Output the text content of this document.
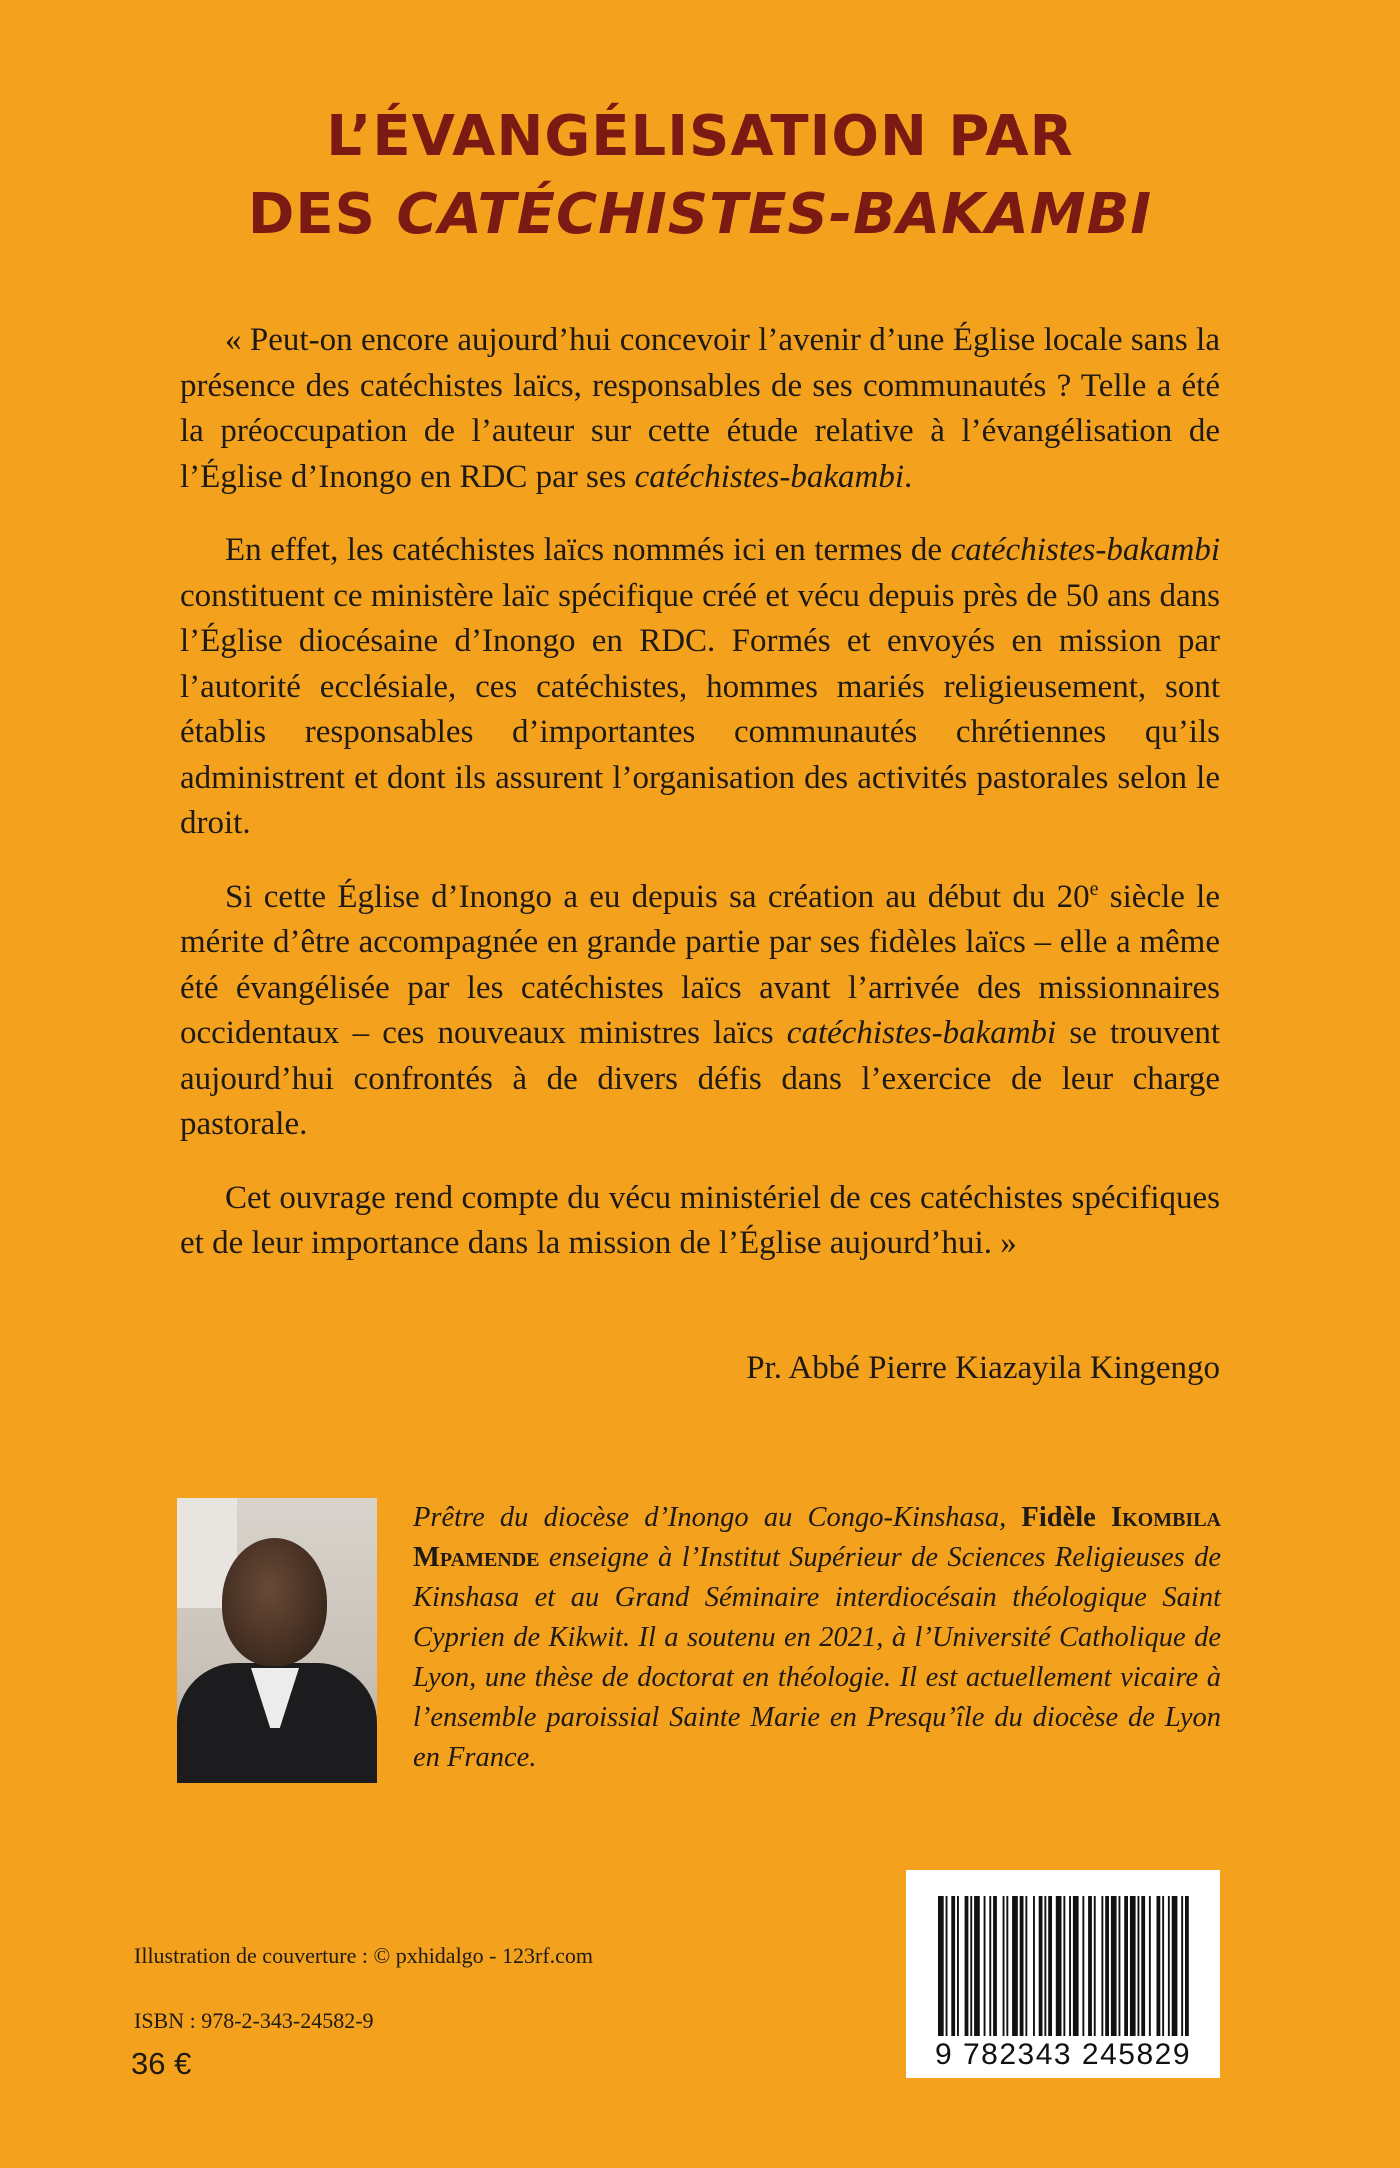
L’ÉVANGÉLISATION PAR
DES CATÉCHISTES-BAKAMBI

« Peut-on encore aujourd’hui concevoir l’avenir d’une Église locale sans la présence des catéchistes laïcs, responsables de ses communautés ? Telle a été la préoccupation de l’auteur sur cette étude relative à l’évangélisation de l’Église d’Inongo en RDC par ses catéchistes-bakambi.

En effet, les catéchistes laïcs nommés ici en termes de catéchistes-bakambi constituent ce ministère laïc spécifique créé et vécu depuis près de 50 ans dans l’Église diocésaine d’Inongo en RDC. Formés et envoyés en mission par l’autorité ecclésiale, ces catéchistes, hommes mariés religieusement, sont établis responsables d’importantes communautés chrétiennes qu’ils administrent et dont ils assurent l’organisation des activités pastorales selon le droit.

Si cette Église d’Inongo a eu depuis sa création au début du 20e siècle le mérite d’être accompagnée en grande partie par ses fidèles laïcs – elle a même été évangélisée par les catéchistes laïcs avant l’arrivée des missionnaires occidentaux – ces nouveaux ministres laïcs catéchistes-bakambi se trouvent aujourd’hui confrontés à de divers défis dans l’exercice de leur charge pastorale.

Cet ouvrage rend compte du vécu ministériel de ces catéchistes spécifiques et de leur importance dans la mission de l’Église aujourd’hui. »

Pr. Abbé Pierre Kiazayila Kingengo
Prêtre du diocèse d’Inongo au Congo-Kinshasa, Fidèle Ikombila Mpamende enseigne à l’Institut Supérieur de Sciences Religieuses de Kinshasa et au Grand Séminaire interdiocésain théologique Saint Cyprien de Kikwit. Il a soutenu en 2021, à l’Université Catholique de Lyon, une thèse de doctorat en théologie. Il est actuellement vicaire à l’ensemble paroissial Sainte Marie en Presqu’île du diocèse de Lyon en France.
Illustration de couverture : © pxhidalgo - 123rf.com
ISBN : 978-2-343-24582-9
36 €	9 782343 245829
